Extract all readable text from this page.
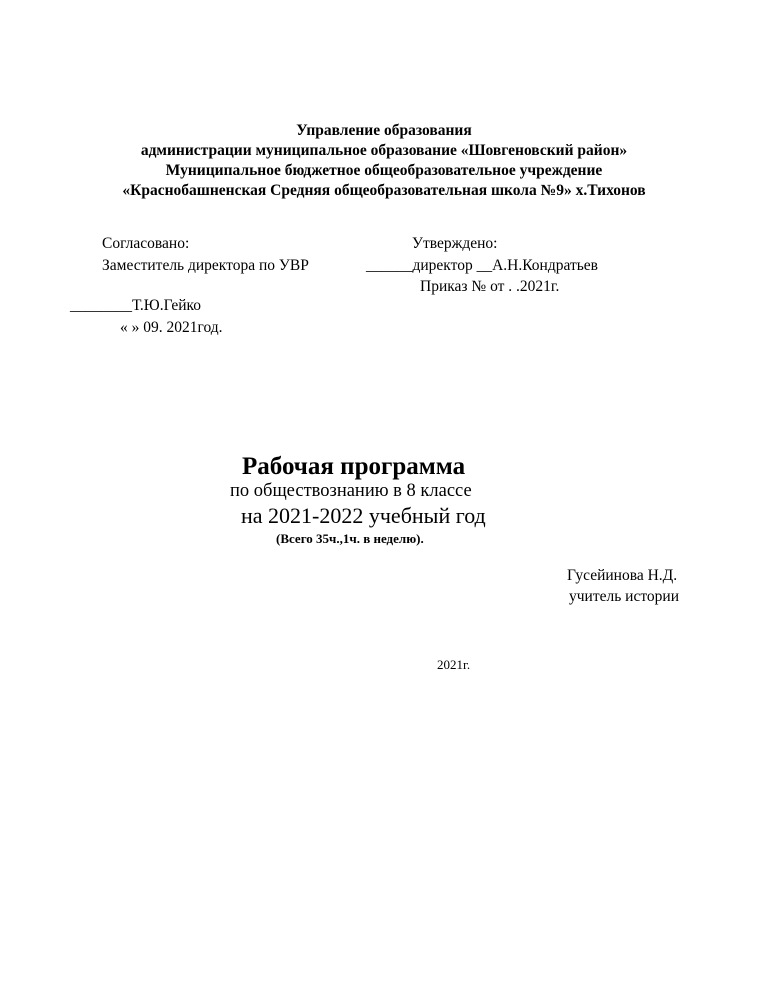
Управление образования
администрации муниципальное образование «Шовгеновский район»
Муниципальное бюджетное общеобразовательное учреждение
«Краснобашненская Средняя общеобразовательная школа №9» х.Тихонов
Согласовано:
Заместитель директора по УВР
________Т.Ю.Гейко
« » 09. 2021год.
Утверждено:
______директор __А.Н.Кондратьев
Приказ № от . .2021г.
Рабочая программа
по обществознанию в 8 классе
на 2021-2022 учебный год
(Всего 35ч.,1ч. в неделю).
Гусейинова Н.Д.
учитель истории
2021г.
